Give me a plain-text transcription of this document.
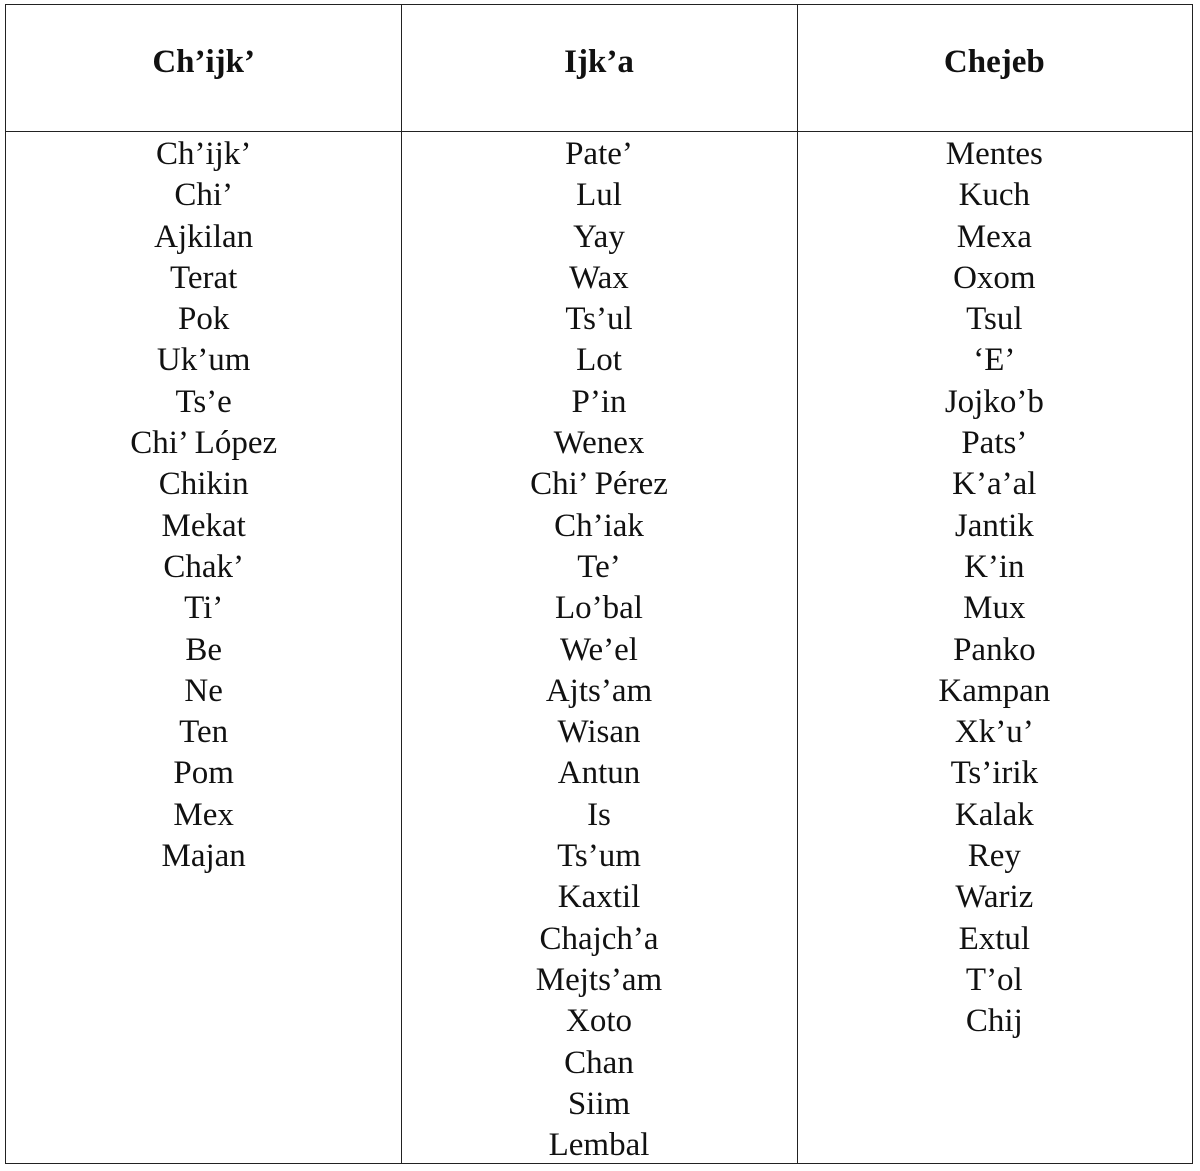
Ch’ijk’	Ijk’a	Chejeb
Ch’ijk’
Chi’
Ajkilan
Terat
Pok
Uk’um
Ts’e
Chi’ López
Chikin
Mekat
Chak’
Ti’
Be
Ne
Ten
Pom
Mex
Majan
Pate’
Lul
Yay
Wax
Ts’ul
Lot
P’in
Wenex
Chi’ Pérez
Ch’iak
Te’
Lo’bal
We’el
Ajts’am
Wisan
Antun
Is
Ts’um
Kaxtil
Chajch’a
Mejts’am
Xoto
Chan
Siim
Lembal
Mentes
Kuch
Mexa
Oxom
Tsul
‘E’
Jojko’b
Pats’
K’a’al
Jantik
K’in
Mux
Panko
Kampan
Xk’u’
Ts’irik
Kalak
Rey
Wariz
Extul
T’ol
Chij
